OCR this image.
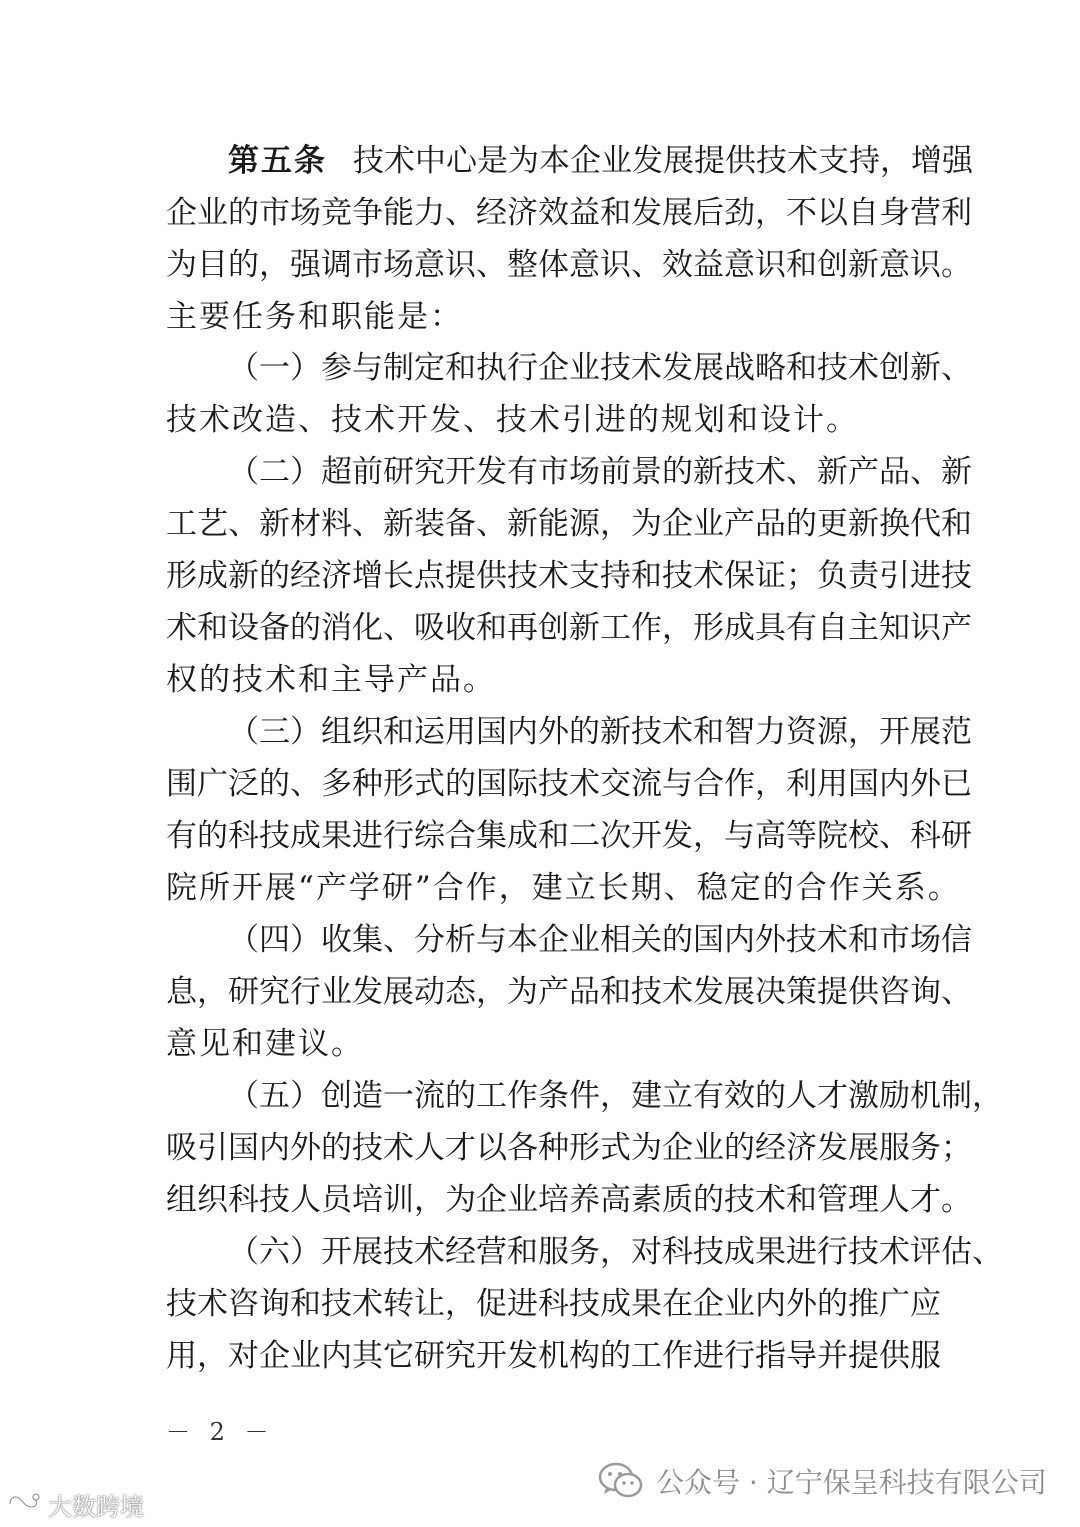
第五条 技术中心是为本企业发展提供技术支持，增强
企业的市场竞争能力、经济效益和发展后劲，不以自身营利
为目的，强调市场意识、整体意识、效益意识和创新意识。
主要任务和职能是：
（一）参与制定和执行企业技术发展战略和技术创新、
技术改造、技术开发、技术引进的规划和设计。
（二）超前研究开发有市场前景的新技术、新产品、新
工艺、新材料、新装备、新能源，为企业产品的更新换代和
形成新的经济增长点提供技术支持和技术保证；负责引进技
术和设备的消化、吸收和再创新工作，形成具有自主知识产
权的技术和主导产品。
（三）组织和运用国内外的新技术和智力资源，开展范
围广泛的、多种形式的国际技术交流与合作，利用国内外已
有的科技成果进行综合集成和二次开发，与高等院校、科研
院所开展“产学研”合作，建立长期、稳定的合作关系。
（四）收集、分析与本企业相关的国内外技术和市场信
息，研究行业发展动态，为产品和技术发展决策提供咨询、
意见和建议。
（五）创造一流的工作条件，建立有效的人才激励机制，
吸引国内外的技术人才以各种形式为企业的经济发展服务；
组织科技人员培训，为企业培养高素质的技术和管理人才。
（六）开展技术经营和服务，对科技成果进行技术评估、
技术咨询和技术转让，促进科技成果在企业内外的推广应
用，对企业内其它研究开发机构的工作进行指导并提供服
－ 2 －
公众号 · 辽宁保呈科技有限公司
大数跨境
